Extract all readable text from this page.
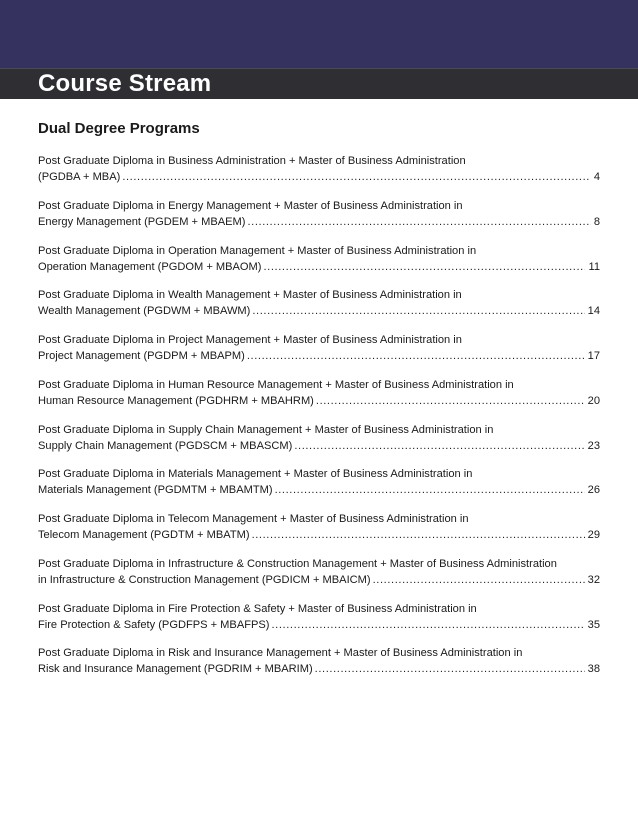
Course Stream
Dual Degree Programs
Post Graduate Diploma in Business Administration + Master of Business Administration
(PGDBA + MBA) .....	4
Post Graduate Diploma in Energy Management + Master of Business Administration in
Energy Management (PGDEM + MBAEM) .....	8
Post Graduate Diploma in Operation Management + Master of Business Administration in
Operation Management (PGDOM + MBAOM) .....	11
Post Graduate Diploma in Wealth Management + Master of Business Administration in
Wealth Management (PGDWM + MBAWM) .....	14
Post Graduate Diploma in Project Management + Master of Business Administration in
Project Management (PGDPM + MBAPM) .....	17
Post Graduate Diploma in Human Resource Management + Master of Business Administration in
Human Resource Management (PGDHRM + MBAHRM) .....	20
Post Graduate Diploma in Supply Chain Management + Master of Business Administration in
Supply Chain Management (PGDSCM + MBASCM) .....	23
Post Graduate Diploma in Materials Management + Master of Business Administration in
Materials Management (PGDMTM + MBAMTM) .....	26
Post Graduate Diploma in Telecom Management + Master of Business Administration in
Telecom Management (PGDTM + MBATM) .....	29
Post Graduate Diploma in Infrastructure & Construction Management + Master of Business Administration
in Infrastructure & Construction Management (PGDICM + MBAICM) .....	32
Post Graduate Diploma in Fire Protection & Safety + Master of Business Administration in
Fire Protection & Safety (PGDFPS + MBAFPS) .....	35
Post Graduate Diploma in Risk and Insurance Management + Master of Business Administration in
Risk and Insurance Management (PGDRIM + MBARIM) .....	38
